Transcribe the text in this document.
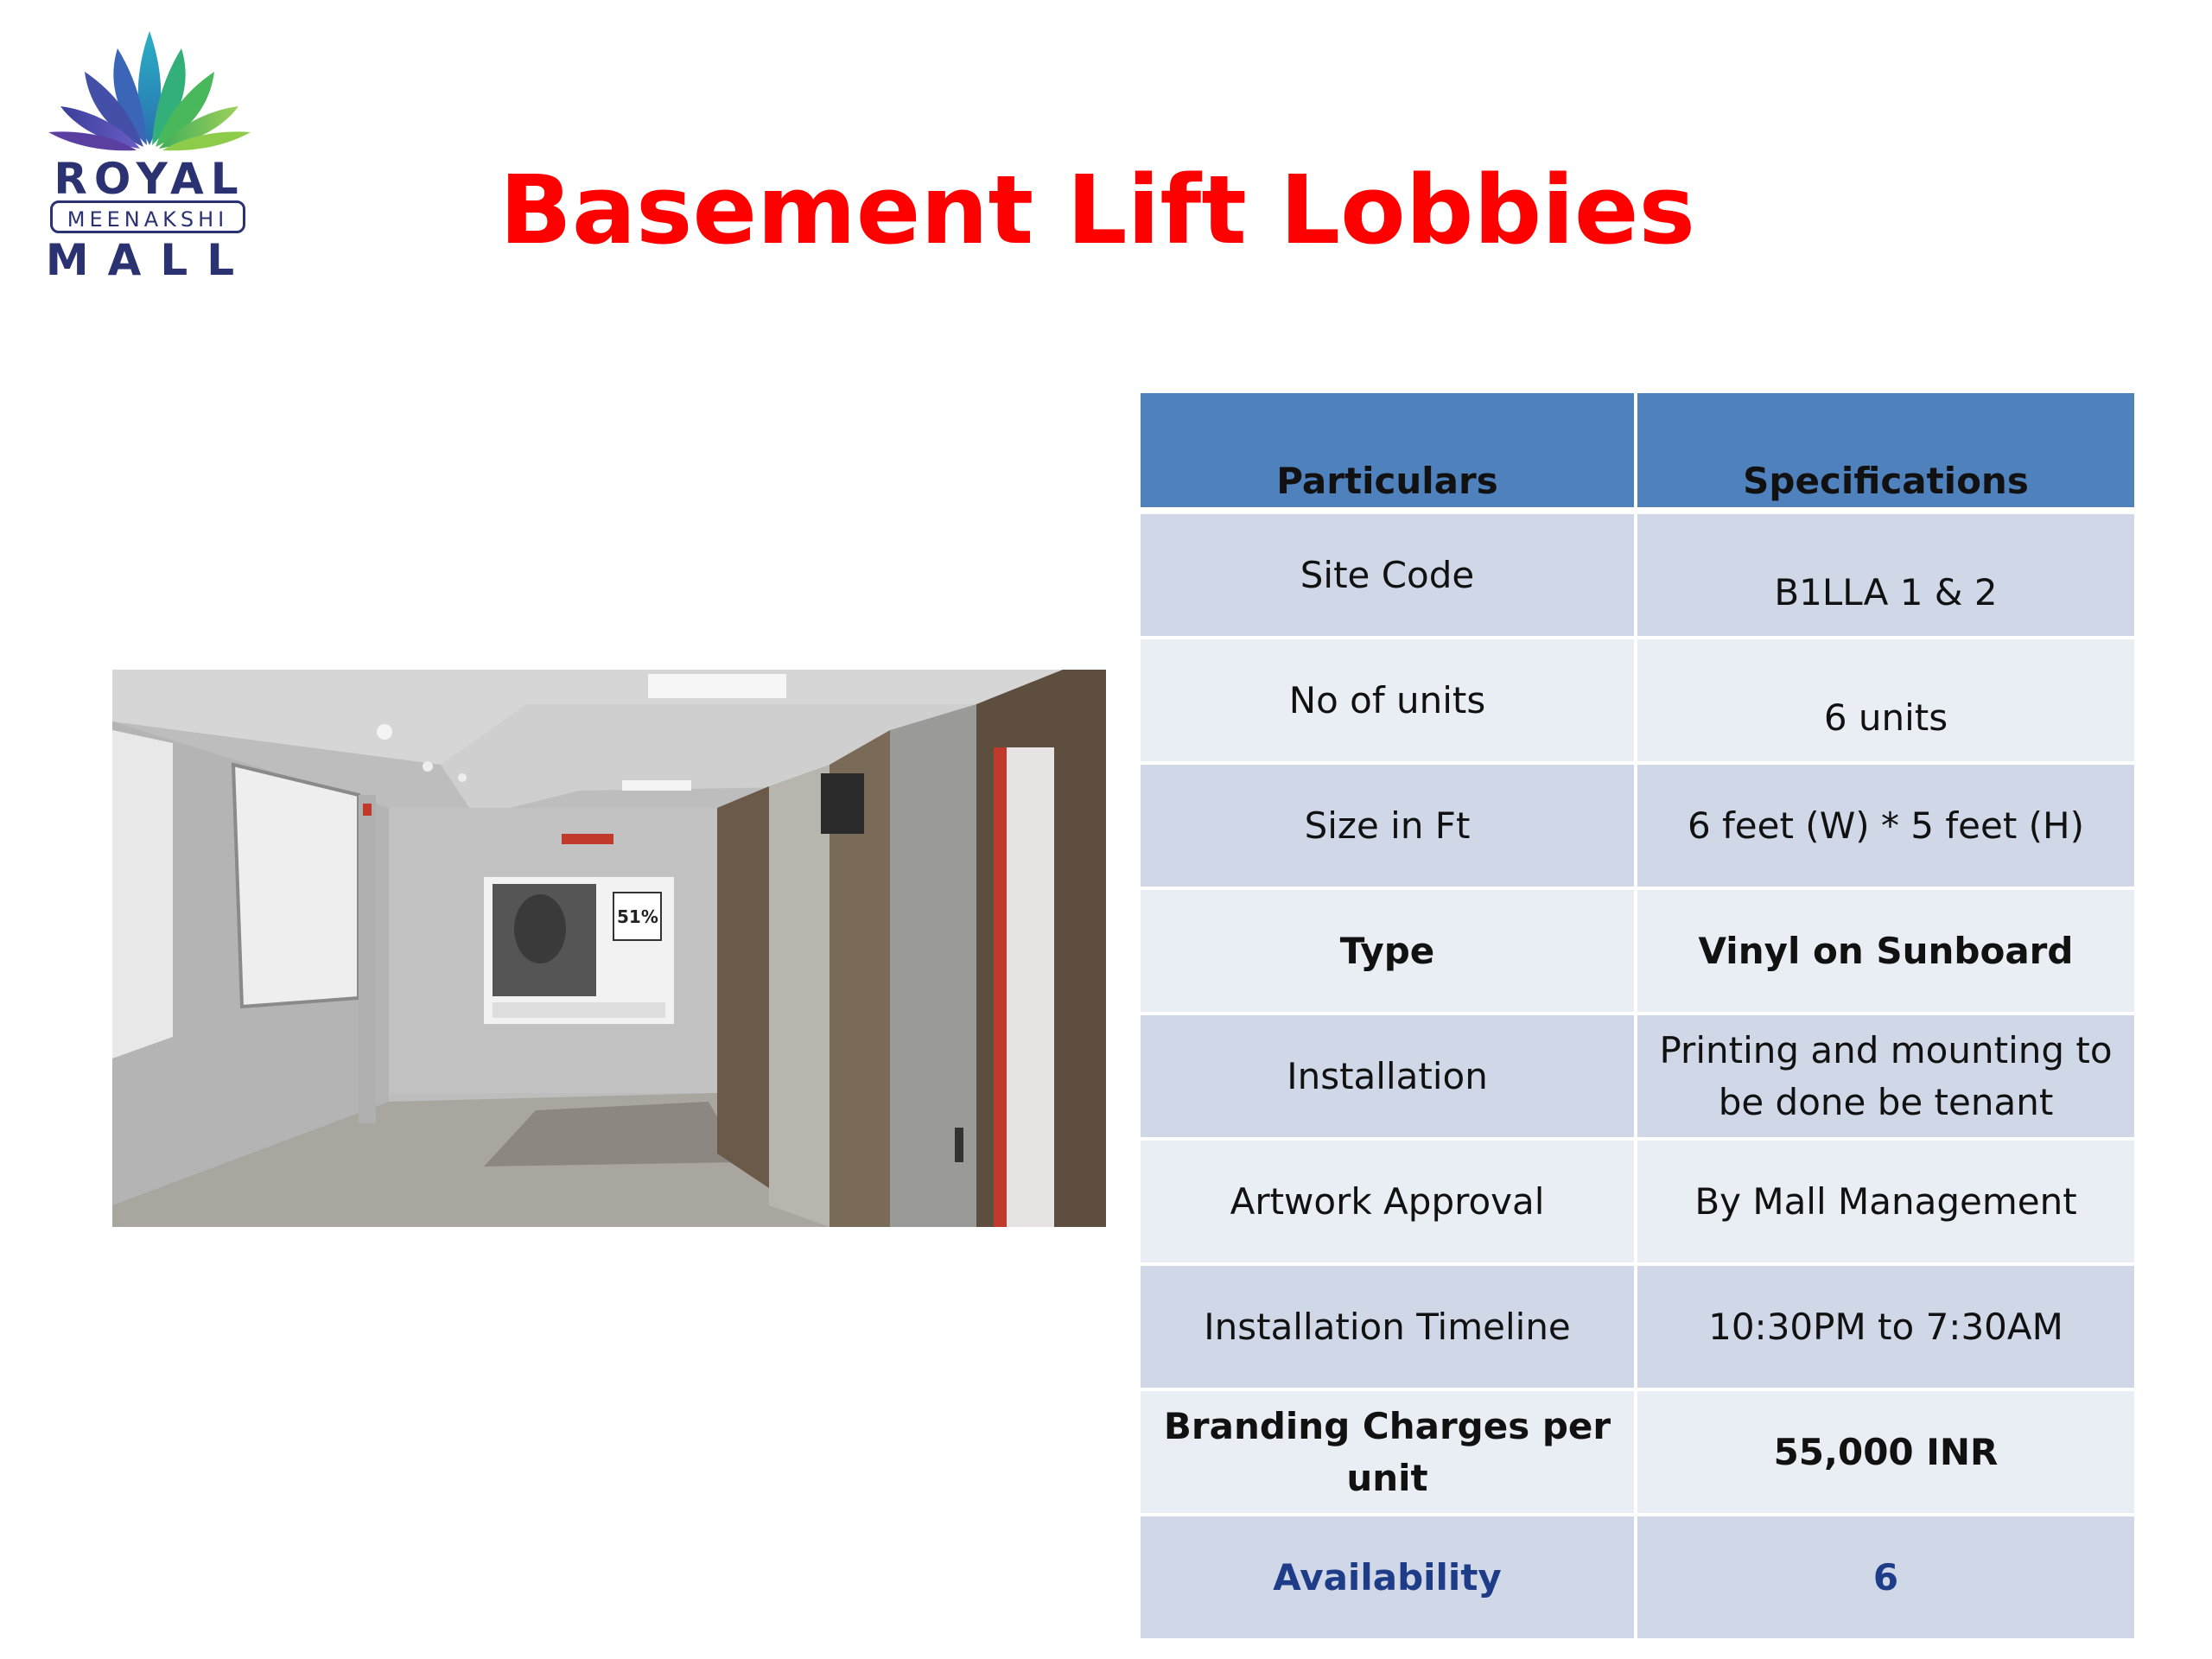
ROYAL
MEENAKSHI
MALL	Basement Lift Lobbies
51%
Particulars	Specifications
Site Code	B1LLA 1 & 2
No of units	6 units
Size in Ft	6 feet (W) * 5 feet (H)
Type	Vinyl on Sunboard
Installation	Printing and mounting to be done be tenant
Artwork Approval	By Mall Management
Installation Timeline	10:30PM to 7:30AM
Branding Charges per unit	55,000 INR
Availability	6
